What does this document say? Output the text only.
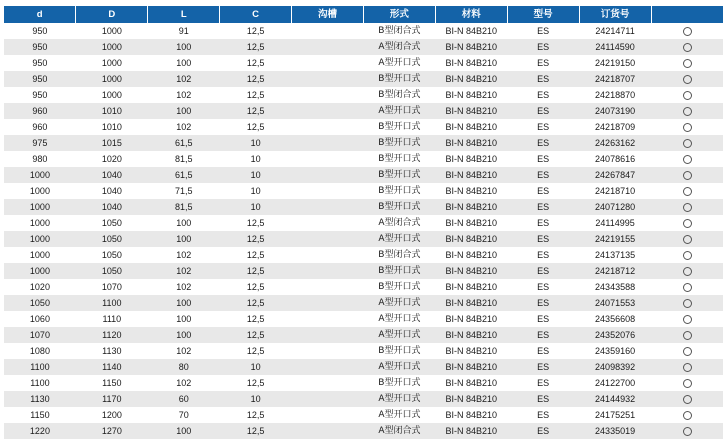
d	D	L	C	沟槽	形式	材料	型号	订货号	
950	1000	91	12,5		B型闭合式	BI-N 84B210	ES	24214711	
950	1000	100	12,5		A型闭合式	BI-N 84B210	ES	24114590	
950	1000	100	12,5		A型开口式	BI-N 84B210	ES	24219150	
950	1000	102	12,5		B型开口式	BI-N 84B210	ES	24218707	
950	1000	102	12,5		B型闭合式	BI-N 84B210	ES	24218870	
960	1010	100	12,5		A型开口式	BI-N 84B210	ES	24073190	
960	1010	102	12,5		B型开口式	BI-N 84B210	ES	24218709	
975	1015	61,5	10		B型开口式	BI-N 84B210	ES	24263162	
980	1020	81,5	10		B型开口式	BI-N 84B210	ES	24078616	
1000	1040	61,5	10		B型开口式	BI-N 84B210	ES	24267847	
1000	1040	71,5	10		B型开口式	BI-N 84B210	ES	24218710	
1000	1040	81,5	10		B型开口式	BI-N 84B210	ES	24071280	
1000	1050	100	12,5		A型闭合式	BI-N 84B210	ES	24114995	
1000	1050	100	12,5		A型开口式	BI-N 84B210	ES	24219155	
1000	1050	102	12,5		B型闭合式	BI-N 84B210	ES	24137135	
1000	1050	102	12,5		B型开口式	BI-N 84B210	ES	24218712	
1020	1070	102	12,5		B型开口式	BI-N 84B210	ES	24343588	
1050	1100	100	12,5		A型开口式	BI-N 84B210	ES	24071553	
1060	1110	100	12,5		A型开口式	BI-N 84B210	ES	24356608	
1070	1120	100	12,5		A型开口式	BI-N 84B210	ES	24352076	
1080	1130	102	12,5		B型开口式	BI-N 84B210	ES	24359160	
1100	1140	80	10		A型开口式	BI-N 84B210	ES	24098392	
1100	1150	102	12,5		B型开口式	BI-N 84B210	ES	24122700	
1130	1170	60	10		A型开口式	BI-N 84B210	ES	24144932	
1150	1200	70	12,5		A型开口式	BI-N 84B210	ES	24175251	
1220	1270	100	12,5		A型闭合式	BI-N 84B210	ES	24335019	
